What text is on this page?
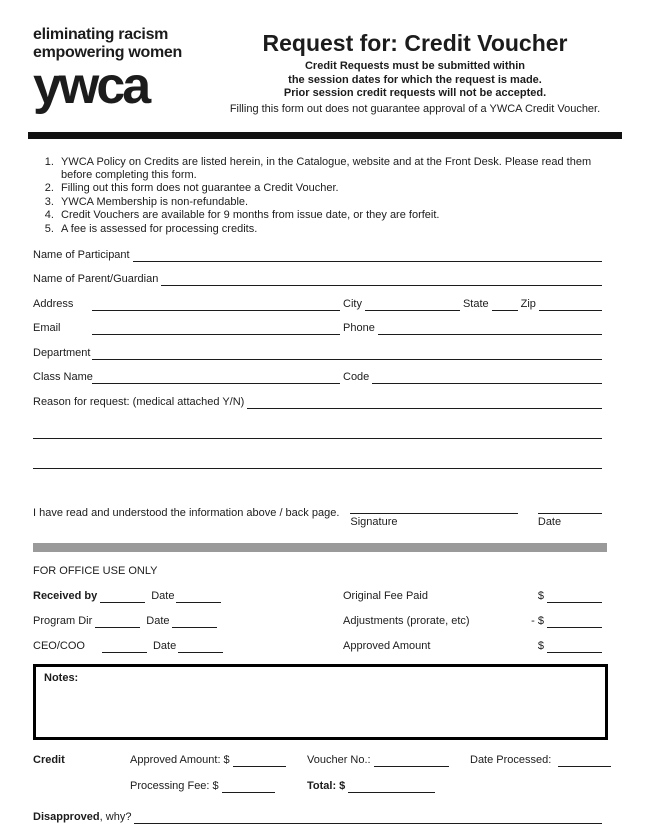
eliminating racism
empowering women
ywca
Request for: Credit Voucher
Credit Requests must be submitted within
the session dates for which the request is made.
Prior session credit requests will not be accepted.
Filling this form out does not guarantee approval of a YWCA Credit Voucher.
1. YWCA Policy on Credits are listed herein, in the Catalogue, website and at the Front Desk. Please read them before completing this form.
2. Filling out this form does not guarantee a Credit Voucher.
3. YWCA Membership is non-refundable.
4. Credit Vouchers are available for 9 months from issue date, or they are forfeit.
5. A fee is assessed for processing credits.
Name of Participant
Name of Parent/Guardian
Address	City	State	Zip
Email	Phone
Department
Class Name	Code
Reason for request: (medical attached Y/N)
I have read and understood the information above / back page.
Signature	Date
FOR OFFICE USE ONLY
Received by	Date	Original Fee Paid	$
Program Dir	Date	Adjustments (prorate, etc)	- $
CEO/COO	Date	Approved Amount	$
Notes:
Credit	Approved Amount: $	Voucher No.:	Date Processed:
Processing Fee: $	Total: $
Disapproved , why?
